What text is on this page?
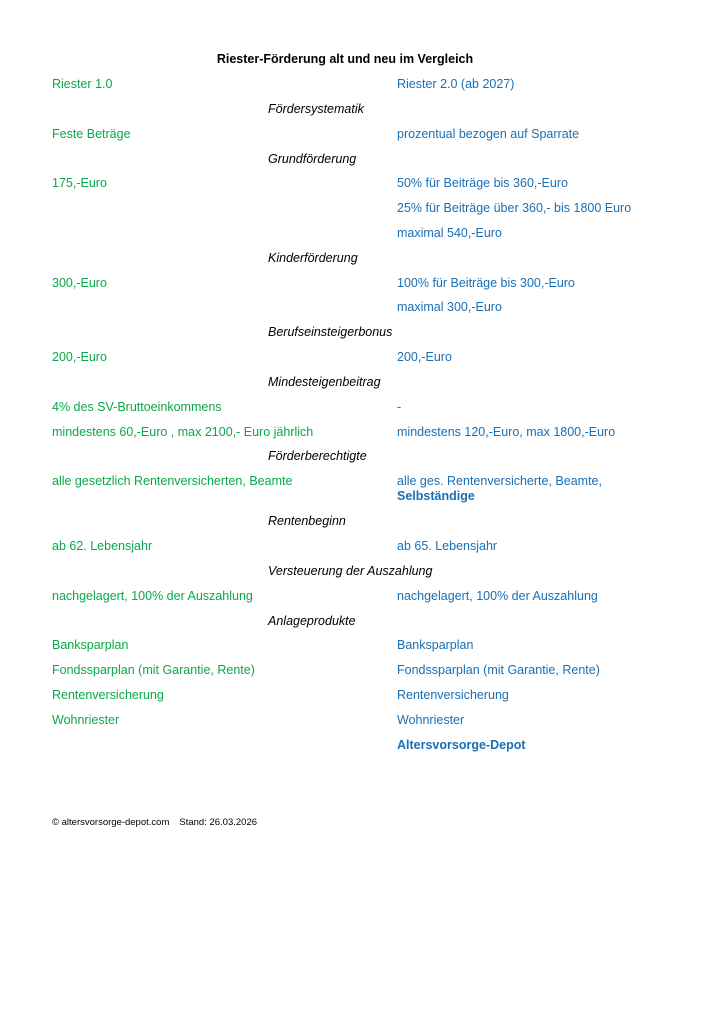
Riester-Förderung alt und neu im Vergleich
Riester 1.0	Riester 2.0 (ab 2027)
Fördersystematik
Feste Beträge	prozentual bezogen auf Sparrate
Grundförderung
175,-Euro	50% für Beiträge bis 360,-Euro
25% für Beiträge über 360,- bis 1800 Euro
maximal 540,-Euro
Kinderförderung
300,-Euro	100% für Beiträge bis 300,-Euro
maximal 300,-Euro
Berufseinsteigerbonus
200,-Euro	200,-Euro
Mindesteigenbeitrag
4% des SV-Bruttoeinkommens	-
mindestens 60,-Euro , max 2100,- Euro jährlich	mindestens 120,-Euro, max 1800,-Euro
Förderberechtigte
alle gesetzlich Rentenversicherten, Beamte	alle ges. Rentenversicherte, Beamte,
Selbständige
Rentenbeginn
ab 62. Lebensjahr	ab 65. Lebensjahr
Versteuerung der Auszahlung
nachgelagert, 100% der Auszahlung	nachgelagert, 100% der Auszahlung
Anlageprodukte
Banksparplan	Banksparplan
Fondssparplan (mit Garantie, Rente)	Fondssparplan (mit Garantie, Rente)
Rentenversicherung	Rentenversicherung
Wohnriester	Wohnriester
Altersvorsorge-Depot
© altersvorsorge-depot.com Stand: 26.03.2026
